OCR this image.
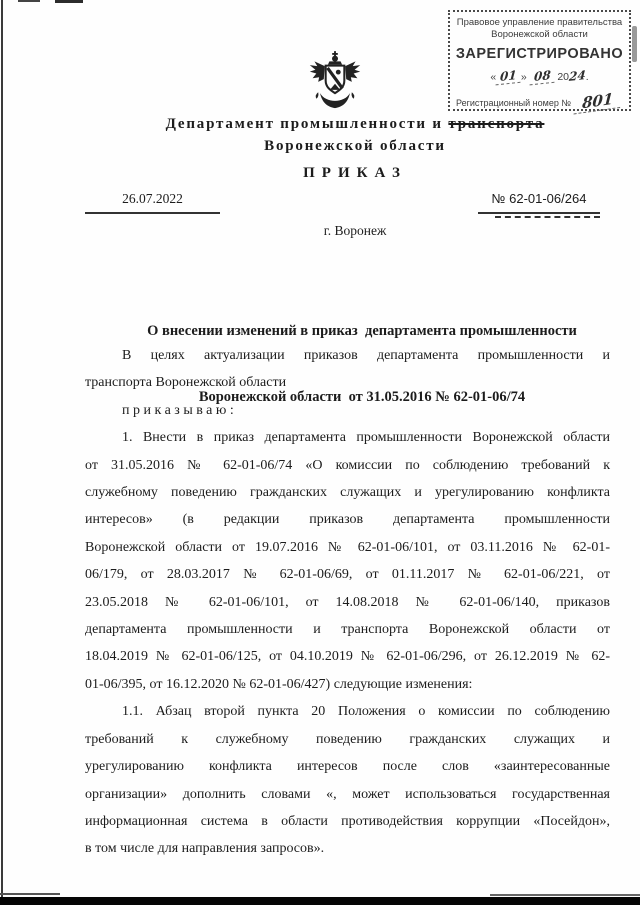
Правовое управление правительства
Воронежской области
ЗАРЕГИСТРИРОВАНО
« 01 » 08 2024.
Регистрационный номер № 801
Департамент промышленности и транспорта
Воронежской области
ПРИКАЗ
26.07.2022	№ 62-01-06/264
г. Воронеж

О внесении изменений в приказ  департамента промышленности

Воронежской области  от 31.05.2016 № 62-01-06/74

В целях актуализации приказов департамента промышленности и
транспорта Воронежской области
приказываю:
1. Внести в приказ департамента промышленности Воронежской области
от 31.05.2016 № 62-01-06/74 «О комиссии по соблюдению требований к
служебному поведению гражданских служащих и урегулированию конфликта
интересов» (в редакции приказов департамента промышленности
Воронежской области от 19.07.2016 № 62-01-06/101, от 03.11.2016 № 62-01-
06/179, от 28.03.2017 № 62-01-06/69, от 01.11.2017 № 62-01-06/221, от
23.05.2018 № 62-01-06/101, от 14.08.2018 № 62-01-06/140, приказов
департамента промышленности и транспорта Воронежской области от
18.04.2019 № 62-01-06/125, от 04.10.2019 № 62-01-06/296, от 26.12.2019 № 62-
01-06/395, от 16.12.2020 № 62-01-06/427) следующие изменения:
1.1. Абзац второй пункта 20 Положения о комиссии по соблюдению
требований к служебному поведению гражданских служащих и
урегулированию конфликта интересов после слов «заинтересованные
организации» дополнить словами «, может использоваться государственная
информационная система в области противодействия коррупции «Посейдон»,
в том числе для направления запросов».
